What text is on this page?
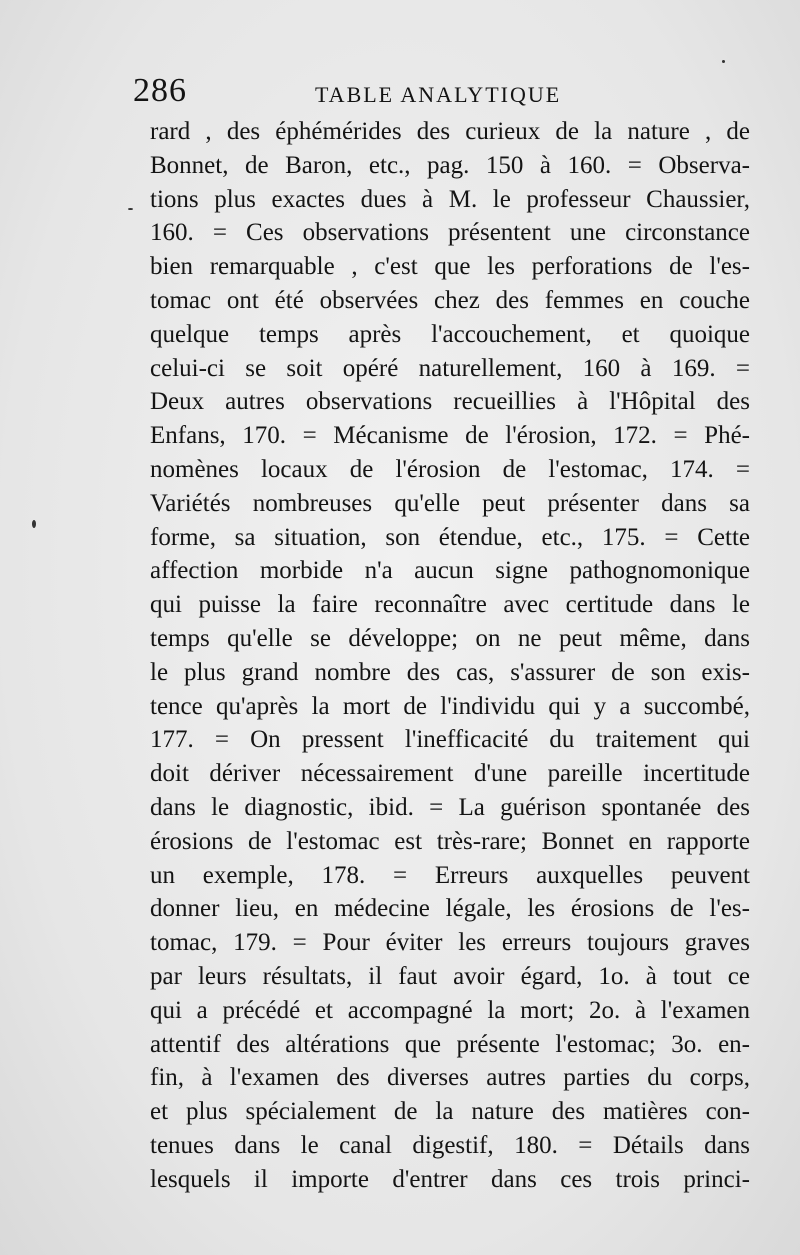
286	TABLE ANALYTIQUE
rard , des éphémérides des curieux de la nature , de
Bonnet, de Baron, etc., pag. 150 à 160. = Observa-
tions plus exactes dues à M. le professeur Chaussier,
160. = Ces observations présentent une circonstance
bien remarquable , c'est que les perforations de l'es-
tomac ont été observées chez des femmes en couche
quelque temps après l'accouchement, et quoique
celui-ci se soit opéré naturellement, 160 à 169. =
Deux autres observations recueillies à l'Hôpital des
Enfans, 170. = Mécanisme de l'érosion, 172. = Phé-
nomènes locaux de l'érosion de l'estomac, 174. =
Variétés nombreuses qu'elle peut présenter dans sa
forme, sa situation, son étendue, etc., 175. = Cette
affection morbide n'a aucun signe pathognomonique
qui puisse la faire reconnaître avec certitude dans le
temps qu'elle se développe; on ne peut même, dans
le plus grand nombre des cas, s'assurer de son exis-
tence qu'après la mort de l'individu qui y a succombé,
177. = On pressent l'inefficacité du traitement qui
doit dériver nécessairement d'une pareille incertitude
dans le diagnostic, ibid. = La guérison spontanée des
érosions de l'estomac est très-rare; Bonnet en rapporte
un exemple, 178. = Erreurs auxquelles peuvent
donner lieu, en médecine légale, les érosions de l'es-
tomac, 179. = Pour éviter les erreurs toujours graves
par leurs résultats, il faut avoir égard, 1o. à tout ce
qui a précédé et accompagné la mort; 2o. à l'examen
attentif des altérations que présente l'estomac; 3o. en-
fin, à l'examen des diverses autres parties du corps,
et plus spécialement de la nature des matières con-
tenues dans le canal digestif, 180. = Détails dans
lesquels il importe d'entrer dans ces trois princi-
